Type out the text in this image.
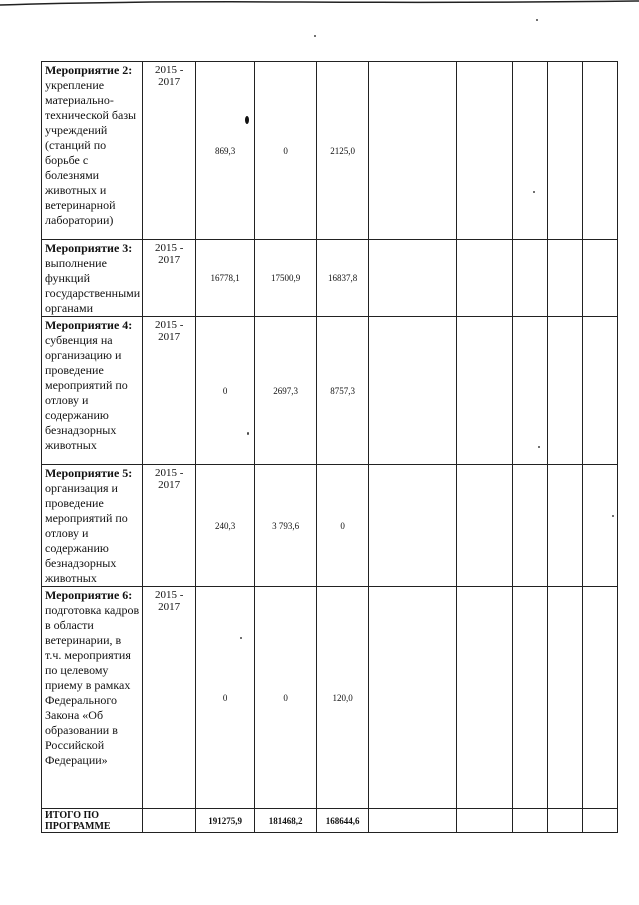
Мероприятие 2: укрепление материально-технической базы учреждений (станций по борьбе с болезнями животных и ветеринарной лаборатории)	2015 - 2017	869,3	0	2125,0					
Мероприятие 3: выполнение функций государственными органами	2015 - 2017	16778,1	17500,9	16837,8					
Мероприятие 4: субвенция на организацию и проведение мероприятий по отлову и содержанию безнадзорных животных	2015 - 2017	0	2697,3	8757,3					
Мероприятие 5: организация и проведение мероприятий по отлову и содержанию безнадзорных животных	2015 - 2017	240,3	3 793,6	0					
Мероприятие 6: подготовка кадров в области ветеринарии, в т.ч. мероприятия по целевому приему в рамках Федерального Закона «Об образовании в Российской Федерации»	2015 - 2017	0	0	120,0					
ИТОГО ПО ПРОГРАММЕ		191275,9	181468,2	168644,6					
